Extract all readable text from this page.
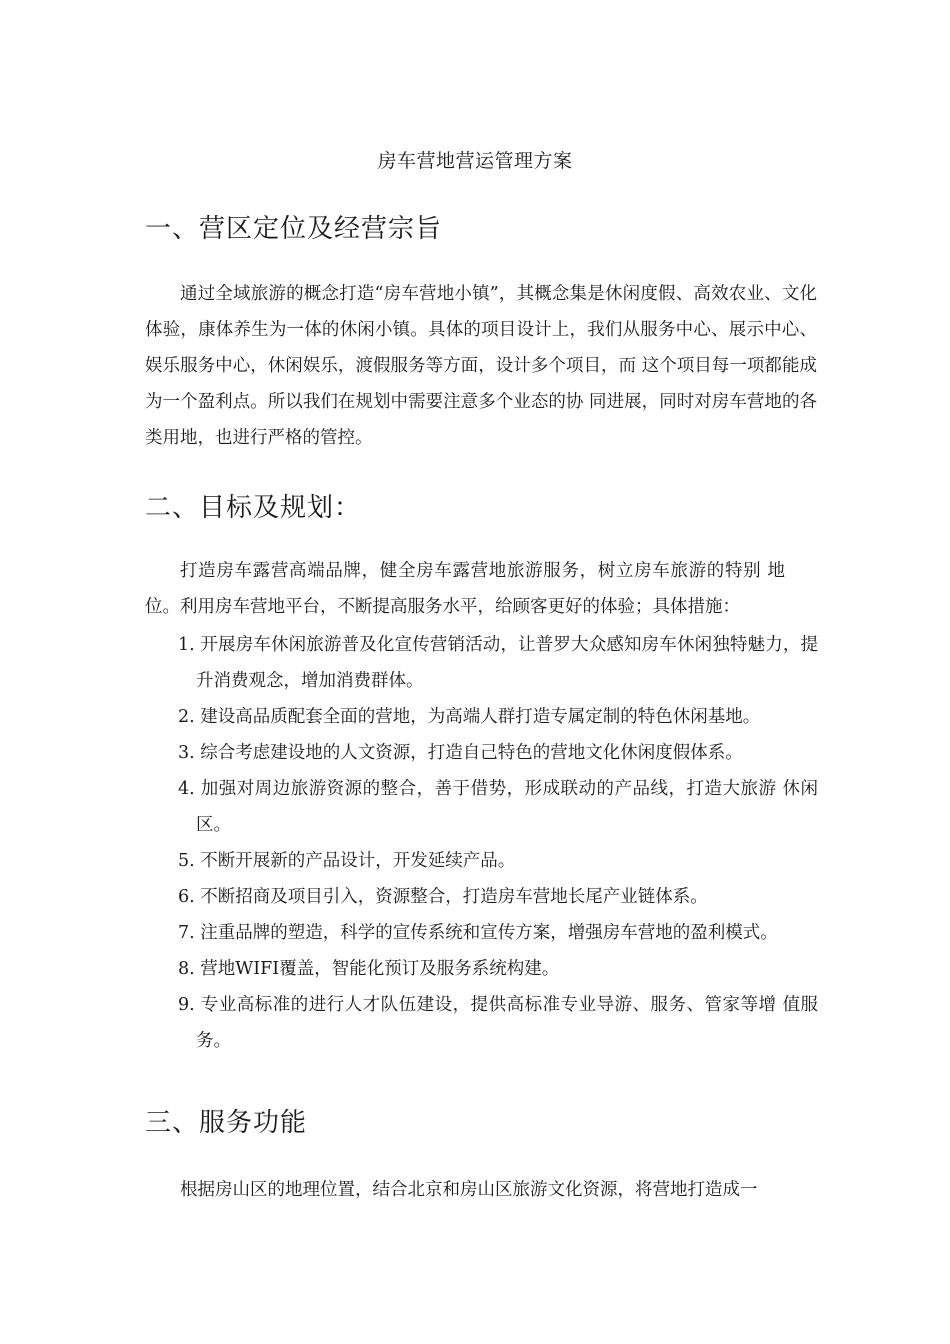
房车营地营运管理方案
一、营区定位及经营宗旨

通过全域旅游的概念打造“房车营地小镇”，其概念集是休闲度假、高效农业、文化体验，康体养生为一体的休闲小镇。具体的项目设计上，我们从服务中心、展示中心、娱乐服务中心，休闲娱乐，渡假服务等方面，设计多个项目，而 这个项目每一项都能成为一个盈利点。所以我们在规划中需要注意多个业态的协 同进展，同时对房车营地的各类用地，也进行严格的管控。

二、目标及规划：

打造房车露营高端品牌，健全房车露营地旅游服务，树立房车旅游的特别 地位。利用房车营地平台，不断提高服务水平，给顾客更好的体验；具体措施：

1. 开展房车休闲旅游普及化宣传营销活动，让普罗大众感知房车休闲独特魅力，提升消费观念，增加消费群体。
2. 建设高品质配套全面的营地，为高端人群打造专属定制的特色休闲基地。
3. 综合考虑建设地的人文资源，打造自己特色的营地文化休闲度假体系。
4. 加强对周边旅游资源的整合，善于借势，形成联动的产品线，打造大旅游 休闲区。
5. 不断开展新的产品设计，开发延续产品。
6. 不断招商及项目引入，资源整合，打造房车营地长尾产业链体系。
7. 注重品牌的塑造，科学的宣传系统和宣传方案，增强房车营地的盈利模式。
8. 营地WIFI覆盖，智能化预订及服务系统构建。
9. 专业高标准的进行人才队伍建设，提供高标准专业导游、服务、管家等增 值服务。
三、服务功能

根据房山区的地理位置，结合北京和房山区旅游文化资源，将营地打造成一
